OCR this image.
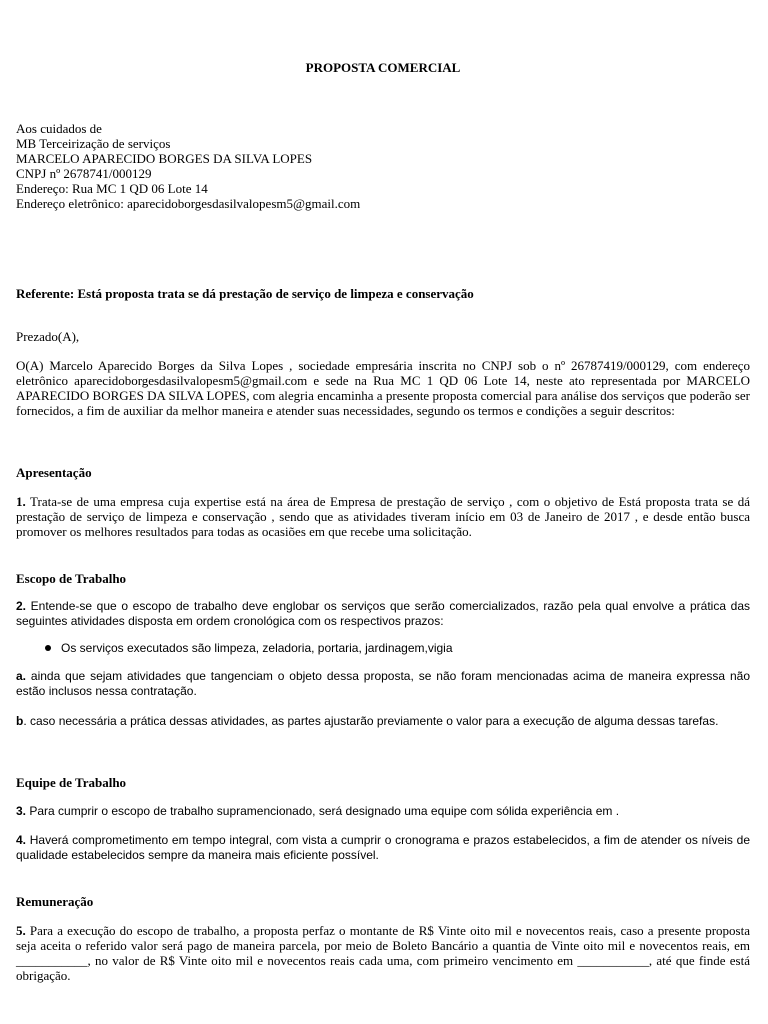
PROPOSTA COMERCIAL
Aos cuidados de
MB Terceirização de serviços
MARCELO APARECIDO BORGES DA SILVA LOPES
CNPJ nº 2678741/000129
Endereço: Rua MC 1 QD 06 Lote 14
Endereço eletrônico: aparecidoborgesdasilvalopesm5@gmail.com
Referente: Está proposta trata se dá prestação de serviço de limpeza e conservação
Prezado(A),
O(A) Marcelo Aparecido Borges da Silva Lopes , sociedade empresária inscrita no CNPJ sob o nº 26787419/000129, com endereço eletrônico aparecidoborgesdasilvalopesm5@gmail.com e sede na Rua MC 1 QD 06 Lote 14, neste ato representada por MARCELO APARECIDO BORGES DA SILVA LOPES, com alegria encaminha a presente proposta comercial para análise dos serviços que poderão ser fornecidos, a fim de auxiliar da melhor maneira e atender suas necessidades, segundo os termos e condições a seguir descritos:
Apresentação
1. Trata-se de uma empresa cuja expertise está na área de Empresa de prestação de serviço , com o objetivo de Está proposta trata se dá prestação de serviço de limpeza e conservação , sendo que as atividades tiveram início em 03 de Janeiro de 2017 , e desde então busca promover os melhores resultados para todas as ocasiões em que recebe uma solicitação.
Escopo de Trabalho
2. Entende-se que o escopo de trabalho deve englobar os serviços que serão comercializados, razão pela qual envolve a prática das seguintes atividades disposta em ordem cronológica com os respectivos prazos:
Os serviços executados são limpeza, zeladoria, portaria, jardinagem,vigia
a. ainda que sejam atividades que tangenciam o objeto dessa proposta, se não foram mencionadas acima de maneira expressa não estão inclusos nessa contratação.
b. caso necessária a prática dessas atividades, as partes ajustarão previamente o valor para a execução de alguma dessas tarefas.
Equipe de Trabalho
3. Para cumprir o escopo de trabalho supramencionado, será designado uma equipe com sólida experiência em .
4. Haverá comprometimento em tempo integral, com vista a cumprir o cronograma e prazos estabelecidos, a fim de atender os níveis de qualidade estabelecidos sempre da maneira mais eficiente possível.
Remuneração
5. Para a execução do escopo de trabalho, a proposta perfaz o montante de R$ Vinte oito mil e novecentos reais, caso a presente proposta seja aceita o referido valor será pago de maneira parcela, por meio de Boleto Bancário a quantia de Vinte oito mil e novecentos reais, em ___________, no valor de R$ Vinte oito mil e novecentos reais cada uma, com primeiro vencimento em ___________, até que finde está obrigação.
